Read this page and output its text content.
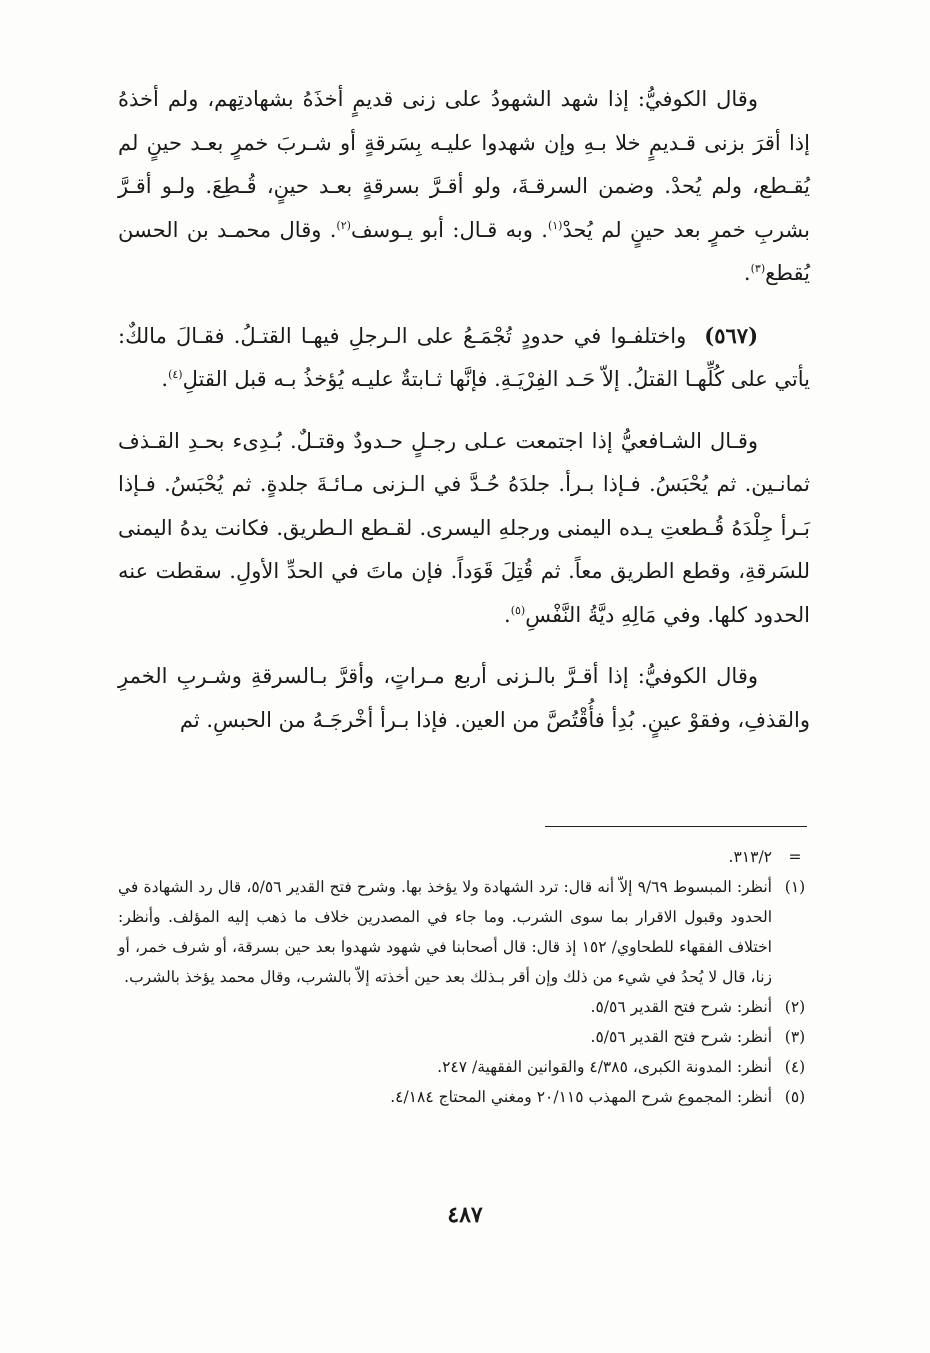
وقال الكوفيُّ: إذا شهد الشهودُ على زنى قديمٍ أخذَهُ بشهادتِهم، ولم أخذهُ إذا أقرَ بزنى قـديمٍ خلا بـهِ وإن شهدوا عليـه بِسَرقةٍ أو شـربَ خمرٍ بعـد حينٍ لم يُقـطع، ولم يُحدْ. وضمن السرقـةَ، ولو أقـرَّ بسرقةٍ بعـد حينٍ، قُـطِعَ. ولـو أقـرَّ بشربِ خمرٍ بعد حينٍ لم يُحدْ$^{(١)}$. وبه قـال: أبو يـوسف$^{(٢)}$. وقال محمـد بن الحسن يُقطع$^{(٣)}$.

(٥٦٧)واختلفـوا في حدودٍ تُجْمَـعُ على الـرجلِ فيهـا القتـلُ. فقـالَ مالكٌ: يأتي على كُلِّهـا القتلُ. إلاّ حَـد الفِرْيَـةِ. فإنَّها ثـابتةٌ عليـه يُؤخذُ بـه قبل القتلِ$^{(٤)}$.

وقـال الشـافعيُّ إذا اجتمعت عـلى رجـلٍ حـدودٌ وقتـلٌ. بُـدِىء بحـدِ القـذف ثمانـين. ثم يُحْبَسُ. فـإذا بـرأ. جلدَهُ حُـدَّ في الـزنى مـائـةَ جلدةٍ. ثم يُحْبَسُ. فـإذا بَـرأ جِلْدَهُ قُـطعتِ يـده اليمنى ورجلهِ اليسرى. لقـطع الـطريق. فكانت يدهُ اليمنى للسَرقةِ، وقطع الطريق معاً. ثم قُتِلَ قَوَداً. فإن ماتَ في الحدِّ الأولِ. سقطت عنه الحدود كلها. وفي مَالِهِ ديَّةُ النَّفْسِ$^{(٥)}$.

وقال الكوفيُّ: إذا أقـرَّ بالـزنى أربع مـراتٍ، وأقرَّ بـالسرقةِ وشـربِ الخمرِ والقذفِ، وفقوْ عينٍ. بُدِأ فأُقْتُصَّ من العين. فإذا بـرأ أخْرجَـهُ من الحبسِ. ثم

=
٣١٣/٢.
(١)
أنظر: المبسوط ٩/٦٩ إلاّ أنه قال: ترد الشهادة ولا يؤخذ بها. وشرح فتح القدير ٥/٥٦، قال رد الشهادة في الحدود وقبول الاقرار بما سوى الشرب. وما جاء في المصدرين خلاف ما ذهب إليه المؤلف. وأنظر: اختلاف الفقهاء للطحاوي/ ١٥٢ إذ قال: قال أصحابنا في شهود شهدوا بعد حين بسرقة، أو شرف خمر، أو زنا، قال لا يُحدُ في شيء من ذلك وإن أقر بـذلك بعد حين أخذته إلاّ بالشرب، وقال محمد يؤخذ بالشرب.
(٢)
أنظر: شرح فتح القدير ٥/٥٦.
(٣)
أنظر: شرح فتح القدير ٥/٥٦.
(٤)
أنظر: المدونة الكبرى، ٤/٣٨٥ والقوانين الفقهية/ ٢٤٧.
(٥)
أنظر: المجموع شرح المهذب ٢٠/١١٥ ومغني المحتاج ٤/١٨٤.
٤٨٧
